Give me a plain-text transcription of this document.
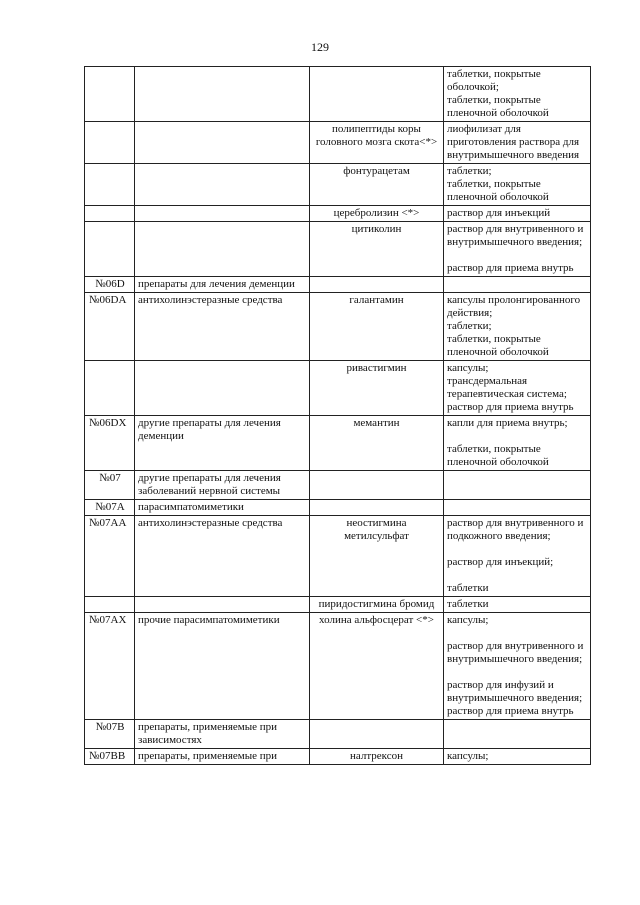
129
			таблетки, покрытые оболочкой;
таблетки, покрытые пленочной оболочкой
		полипептиды коры головного мозга скота<*>	лиофилизат для приготовления раствора для внутримышечного введения
		фонтурацетам	таблетки;
таблетки, покрытые пленочной оболочкой
		церебролизин <*>	раствор для инъекций
		цитиколин	раствор для внутривенного и внутримышечного введения;

раствор для приема внутрь
№06D	препараты для лечения деменции		
№06DA	антихолинэстеразные средства	галантамин	капсулы пролонгированного действия;
таблетки;
таблетки, покрытые пленочной оболочкой
		ривастигмин	капсулы;
трансдермальная терапевтическая система;
раствор для приема внутрь
№06DX	другие препараты для лечения деменции	мемантин	капли для приема внутрь;

таблетки, покрытые пленочной оболочкой
№07	другие препараты для лечения заболеваний нервной системы		
№07A	парасимпатомиметики		
№07AA	антихолинэстеразные средства	неостигмина метилсульфат	раствор для внутривенного и подкожного введения;

раствор для инъекций;

таблетки
		пиридостигмина бромид	таблетки
№07AX	прочие парасимпатомиметики	холина альфосцерат <*>	капсулы;

раствор для внутривенного и внутримышечного введения;

раствор для инфузий и внутримышечного введения;
раствор для приема внутрь
№07B	препараты, применяемые при зависимостях		
№07BB	препараты, применяемые при	налтрексон	капсулы;
